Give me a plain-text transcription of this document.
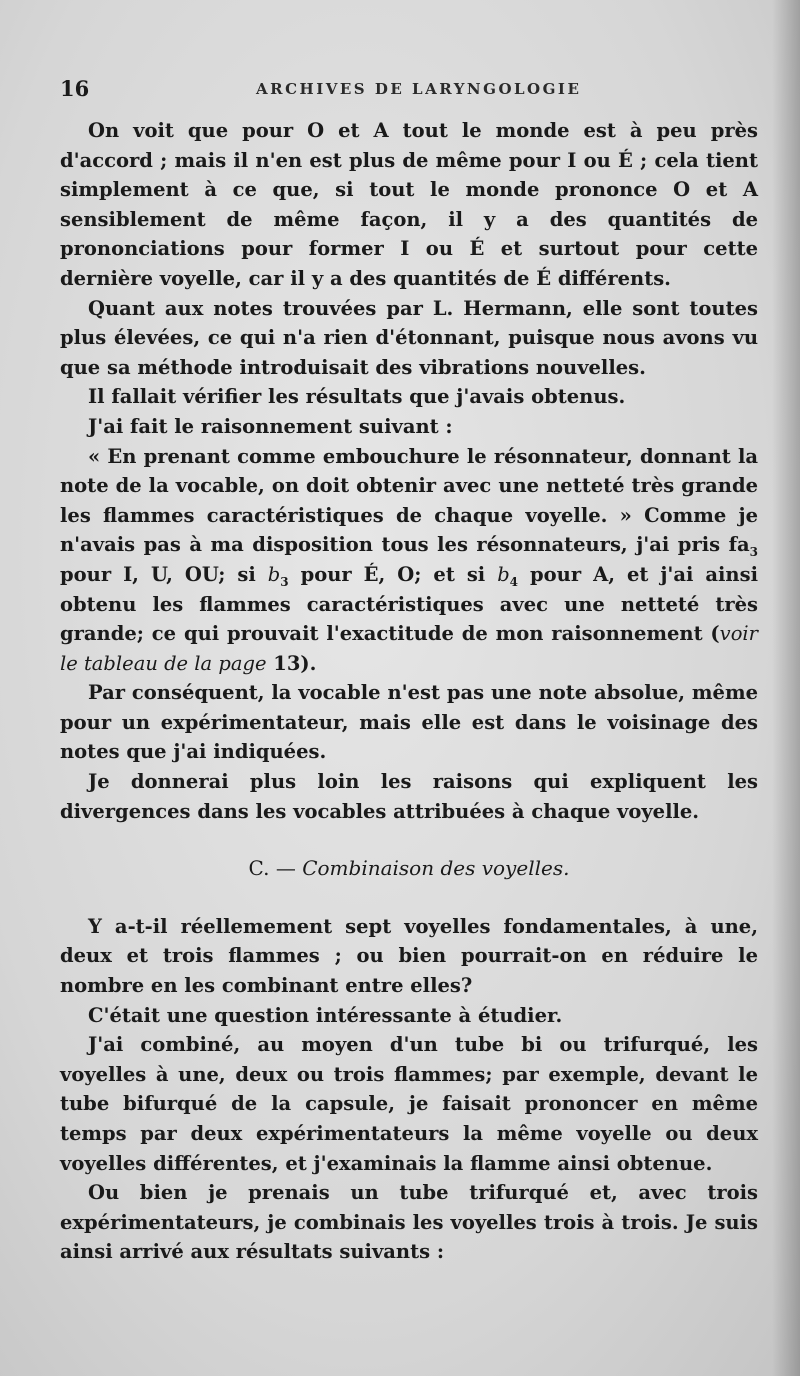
16	ARCHIVES DE LARYNGOLOGIE

On voit que pour O et A tout le monde est à peu près d'accord ; mais il n'en est plus de même pour I ou É ; cela tient simplement à ce que, si tout le monde prononce O et A sensiblement de même façon, il y a des quantités de prononciations pour former I ou É et surtout pour cette dernière voyelle, car il y a des quantités de É différents.

Quant aux notes trouvées par L. Hermann, elle sont toutes plus élevées, ce qui n'a rien d'étonnant, puisque nous avons vu que sa méthode introduisait des vibrations nouvelles.

Il fallait vérifier les résultats que j'avais obtenus.

J'ai fait le raisonnement suivant :

« En prenant comme embouchure le résonnateur, donnant la note de la vocable, on doit obtenir avec une netteté très grande les flammes caractéristiques de chaque voyelle. » Comme je n'avais pas à ma disposition tous les résonnateurs, j'ai pris $fa_3$ pour I, U, OU; si $b_3$ pour É, O; et si $b_4$ pour A, et j'ai ainsi obtenu les flammes caractéristiques avec une netteté très grande; ce qui prouvait l'exactitude de mon raisonnement (voir le tableau de la page 13).

Par conséquent, la vocable n'est pas une note absolue, même pour un expérimentateur, mais elle est dans le voisinage des notes que j'ai indiquées.

Je donnerai plus loin les raisons qui expliquent les divergences dans les vocables attribuées à chaque voyelle.

C. — Combinaison des voyelles.

Y a-t-il réellemement sept voyelles fondamentales, à une, deux et trois flammes ; ou bien pourrait-on en réduire le nombre en les combinant entre elles?

C'était une question intéressante à étudier.

J'ai combiné, au moyen d'un tube bi ou trifurqué, les voyelles à une, deux ou trois flammes; par exemple, devant le tube bifurqué de la capsule, je faisait prononcer en même temps par deux expérimentateurs la même voyelle ou deux voyelles différentes, et j'examinais la flamme ainsi obtenue.

Ou bien je prenais un tube trifurqué et, avec trois expérimentateurs, je combinais les voyelles trois à trois. Je suis ainsi arrivé aux résultats suivants :
